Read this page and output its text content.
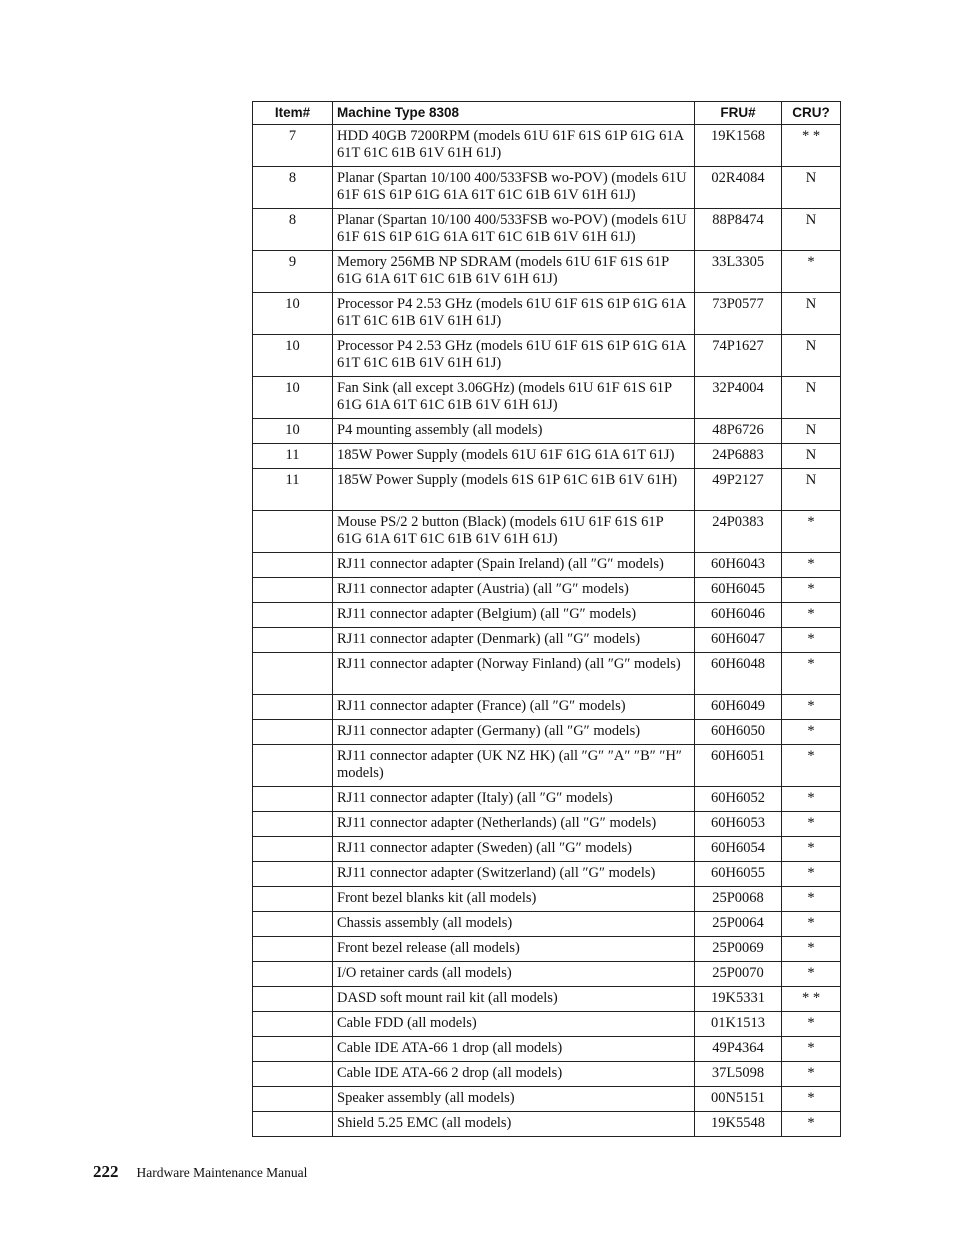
Item#	Machine Type 8308	FRU#	CRU?
7	HDD 40GB 7200RPM (models 61U 61F 61S 61P 61G 61A 61T 61C 61B 61V 61H 61J)	19K1568	* *
8	Planar (Spartan 10/100 400/533FSB wo-POV) (models 61U 61F 61S 61P 61G 61A 61T 61C 61B 61V 61H 61J)	02R4084	N
8	Planar (Spartan 10/100 400/533FSB wo-POV) (models 61U 61F 61S 61P 61G 61A 61T 61C 61B 61V 61H 61J)	88P8474	N
9	Memory 256MB NP SDRAM (models 61U 61F 61S 61P 61G 61A 61T 61C 61B 61V 61H 61J)	33L3305	*
10	Processor P4 2.53 GHz (models 61U 61F 61S 61P 61G 61A 61T 61C 61B 61V 61H 61J)	73P0577	N
10	Processor P4 2.53 GHz (models 61U 61F 61S 61P 61G 61A 61T 61C 61B 61V 61H 61J)	74P1627	N
10	Fan Sink (all except 3.06GHz) (models 61U 61F 61S 61P 61G 61A 61T 61C 61B 61V 61H 61J)	32P4004	N
10	P4 mounting assembly (all models)	48P6726	N
11	185W Power Supply (models 61U 61F 61G 61A 61T 61J)	24P6883	N
11	185W Power Supply (models 61S 61P 61C 61B 61V 61H)	49P2127	N
	Mouse PS/2 2 button (Black) (models 61U 61F 61S 61P 61G 61A 61T 61C 61B 61V 61H 61J)	24P0383	*
	RJ11 connector adapter (Spain Ireland) (all ″G″ models)	60H6043	*
	RJ11 connector adapter (Austria) (all ″G″ models)	60H6045	*
	RJ11 connector adapter (Belgium) (all ″G″ models)	60H6046	*
	RJ11 connector adapter (Denmark) (all ″G″ models)	60H6047	*
	RJ11 connector adapter (Norway Finland) (all ″G″ models)	60H6048	*
	RJ11 connector adapter (France) (all ″G″ models)	60H6049	*
	RJ11 connector adapter (Germany) (all ″G″ models)	60H6050	*
	RJ11 connector adapter (UK NZ HK) (all ″G″ ″A″ ″B″ ″H″ models)	60H6051	*
	RJ11 connector adapter (Italy) (all ″G″ models)	60H6052	*
	RJ11 connector adapter (Netherlands) (all ″G″ models)	60H6053	*
	RJ11 connector adapter (Sweden) (all ″G″ models)	60H6054	*
	RJ11 connector adapter (Switzerland) (all ″G″ models)	60H6055	*
	Front bezel blanks kit (all models)	25P0068	*
	Chassis assembly (all models)	25P0064	*
	Front bezel release (all models)	25P0069	*
	I/O retainer cards (all models)	25P0070	*
	DASD soft mount rail kit (all models)	19K5331	* *
	Cable FDD (all models)	01K1513	*
	Cable IDE ATA-66 1 drop (all models)	49P4364	*
	Cable IDE ATA-66 2 drop (all models)	37L5098	*
	Speaker assembly (all models)	00N5151	*
	Shield 5.25 EMC (all models)	19K5548	*
222 Hardware Maintenance Manual
